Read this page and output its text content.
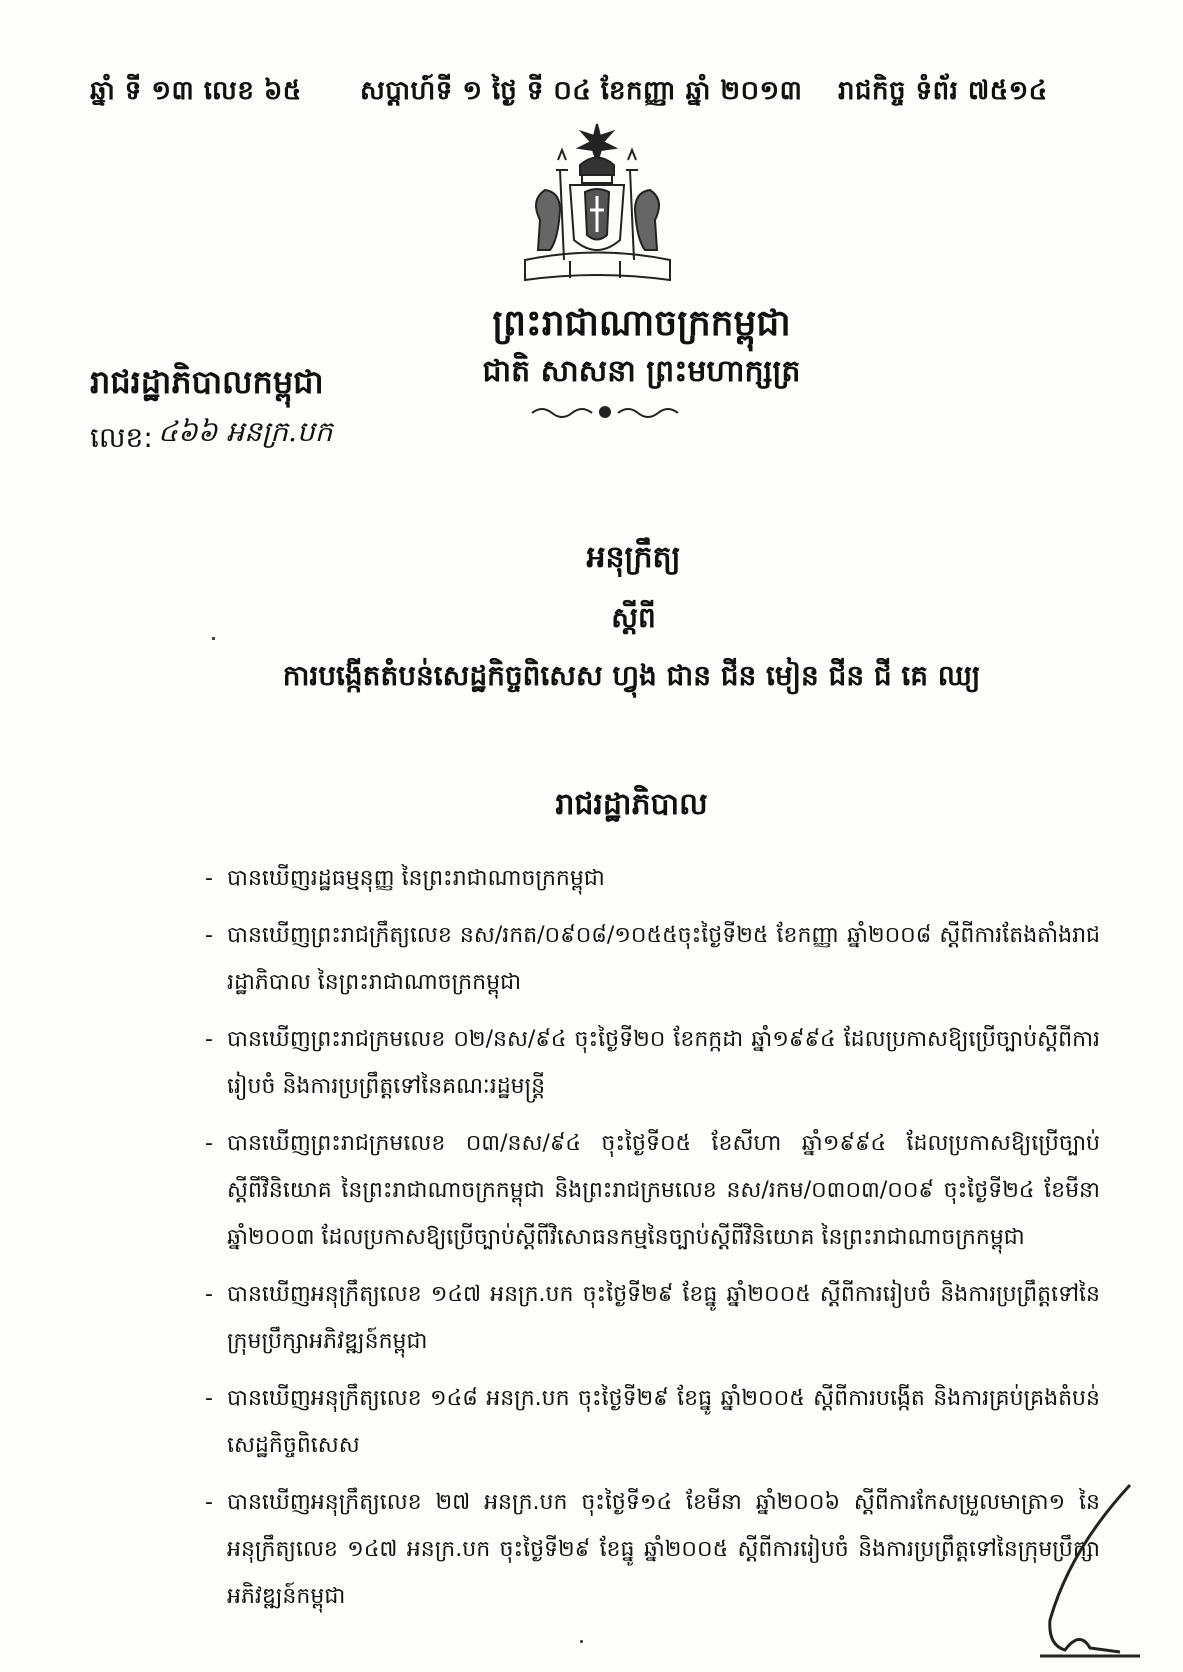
ឆ្នាំ ទី ១៣ លេខ ៦៥ សប្តាហ៍ទី ១ ថ្ងៃ ទី ០៤ ខែកញ្ញា ឆ្នាំ ២០១៣ រាជកិច្ច ទំព័រ ៧៥១៤
ព្រះរាជាណាចក្រកម្ពុជា
ជាតិ សាសនា ព្រះមហាក្សត្រ
រាជរដ្ឋាភិបាលកម្ពុជា
លេខ: ៤៦៦ អនក្រ.បក
អនុក្រឹត្យ
ស្តីពី
ការបង្កើតតំបន់សេដ្ឋកិច្ចពិសេស ហ្វុង ជាន ជីន មៀន ជីន ជី គេ ឈ្យ
រាជរដ្ឋាភិបាល
- បានឃើញរដ្ឋធម្មនុញ្ញ នៃព្រះរាជាណាចក្រកម្ពុជា
- បានឃើញព្រះរាជក្រឹត្យលេខ នស/រកត/០៩០៨/១០៥៥ចុះថ្ងៃទី២៥ ខែកញ្ញា ឆ្នាំ២០០៨ ស្តីពីការតែងតាំងរាជរដ្ឋាភិបាល នៃព្រះរាជាណាចក្រកម្ពុជា
- បានឃើញព្រះរាជក្រមលេខ ០២/នស/៩៤ ចុះថ្ងៃទី២០ ខែកក្កដា ឆ្នាំ១៩៩៤ ដែលប្រកាសឱ្យប្រើច្បាប់ស្តីពីការរៀបចំ និងការប្រព្រឹត្តទៅនៃគណៈរដ្ឋមន្ត្រី
- បានឃើញព្រះរាជក្រមលេខ ០៣/នស/៩៤ ចុះថ្ងៃទី០៥ ខែសីហា ឆ្នាំ១៩៩៤ ដែលប្រកាសឱ្យប្រើច្បាប់ស្តីពីវិនិយោគ នៃព្រះរាជាណាចក្រកម្ពុជា និងព្រះរាជក្រមលេខ នស/រកម/០៣០៣/០០៩ ចុះថ្ងៃទី២៤ ខែមីនា ឆ្នាំ២០០៣ ដែលប្រកាសឱ្យប្រើច្បាប់ស្តីពីវិសោធនកម្មនៃច្បាប់ស្តីពីវិនិយោគ នៃព្រះរាជាណាចក្រកម្ពុជា
- បានឃើញអនុក្រឹត្យលេខ ១៤៧ អនក្រ.បក ចុះថ្ងៃទី២៩ ខែធ្នូ ឆ្នាំ២០០៥ ស្តីពីការរៀបចំ និងការប្រព្រឹត្តទៅនៃក្រុមប្រឹក្សាអភិវឌ្ឍន៍កម្ពុជា
- បានឃើញអនុក្រឹត្យលេខ ១៤៨ អនក្រ.បក ចុះថ្ងៃទី២៩ ខែធ្នូ ឆ្នាំ២០០៥ ស្តីពីការបង្កើត និងការគ្រប់គ្រងតំបន់សេដ្ឋកិច្ចពិសេស
- បានឃើញអនុក្រឹត្យលេខ ២៧ អនក្រ.បក ចុះថ្ងៃទី១៤ ខែមីនា ឆ្នាំ២០០៦ ស្តីពីការកែសម្រួលមាត្រា១ នៃអនុក្រឹត្យលេខ ១៤៧ អនក្រ.បក ចុះថ្ងៃទី២៩ ខែធ្នូ ឆ្នាំ២០០៥ ស្តីពីការរៀបចំ និងការប្រព្រឹត្តទៅនៃក្រុមប្រឹក្សាអភិវឌ្ឍន៍កម្ពុជា
